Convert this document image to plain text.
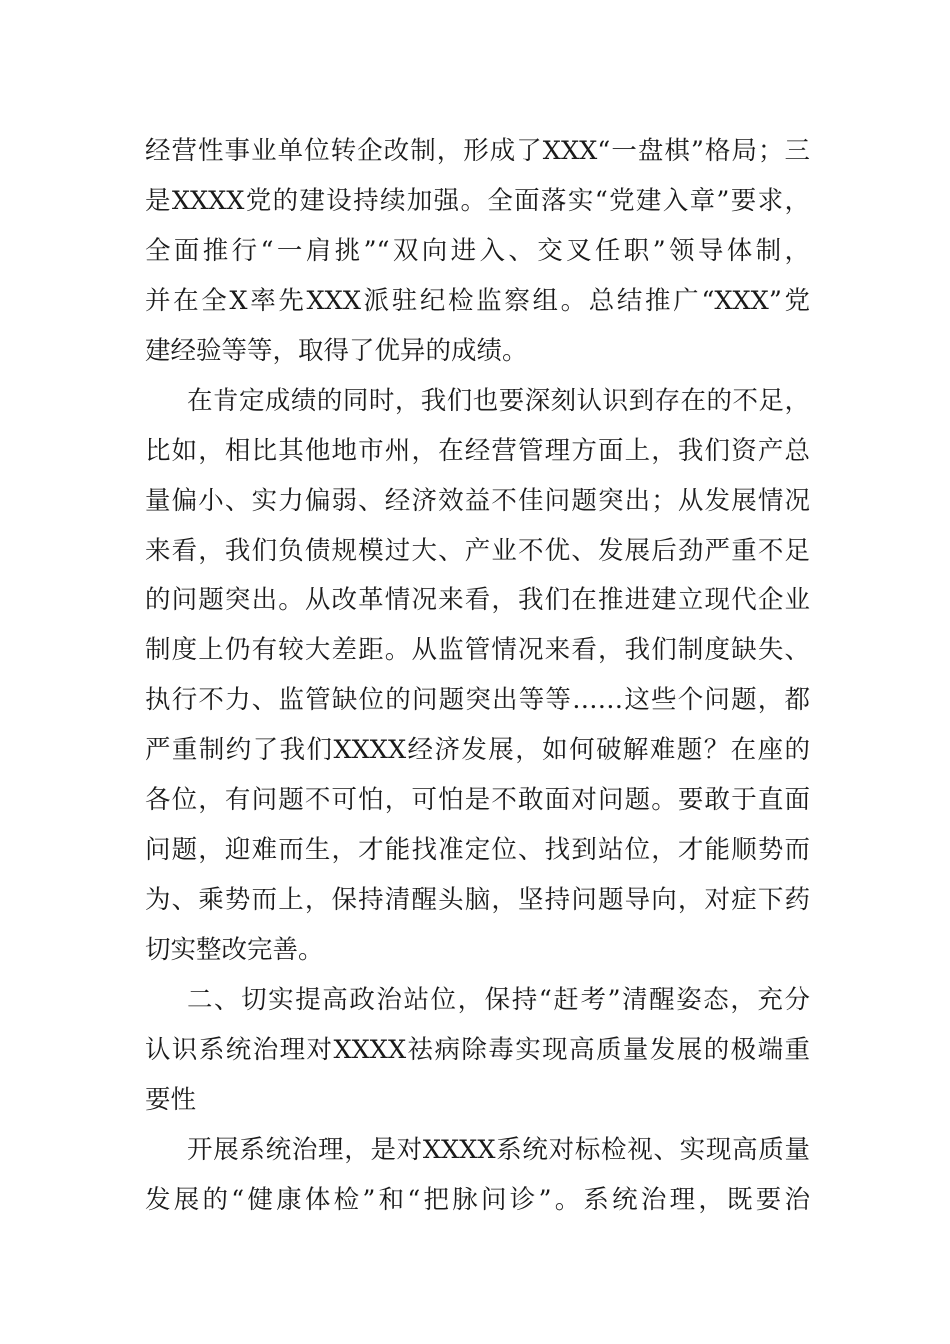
经营性事业单位转企改制，形成了XXX“一盘棋”格局；三
是XXXX党的建设持续加强。全面落实“党建入章”要求，
全面推行“一肩挑”“双向进入、交叉任职”领导体制，
并在全X率先XXX派驻纪检监察组。总结推广“XXX”党
建经验等等，取得了优异的成绩。
在肯定成绩的同时，我们也要深刻认识到存在的不足，
比如，相比其他地市州，在经营管理方面上，我们资产总
量偏小、实力偏弱、经济效益不佳问题突出；从发展情况
来看，我们负债规模过大、产业不优、发展后劲严重不足
的问题突出。从改革情况来看，我们在推进建立现代企业
制度上仍有较大差距。从监管情况来看，我们制度缺失、
执行不力、监管缺位的问题突出等等……这些个问题，都
严重制约了我们XXXX经济发展，如何破解难题？在座的
各位，有问题不可怕，可怕是不敢面对问题。要敢于直面
问题，迎难而生，才能找准定位、找到站位，才能顺势而
为、乘势而上，保持清醒头脑，坚持问题导向，对症下药
切实整改完善。
二、切实提高政治站位，保持“赶考”清醒姿态，充分
认识系统治理对XXXX祛病除毒实现高质量发展的极端重
要性
开展系统治理，是对XXXX系统对标检视、实现高质量
发展的“健康体检”和“把脉问诊”。系统治理，既要治
